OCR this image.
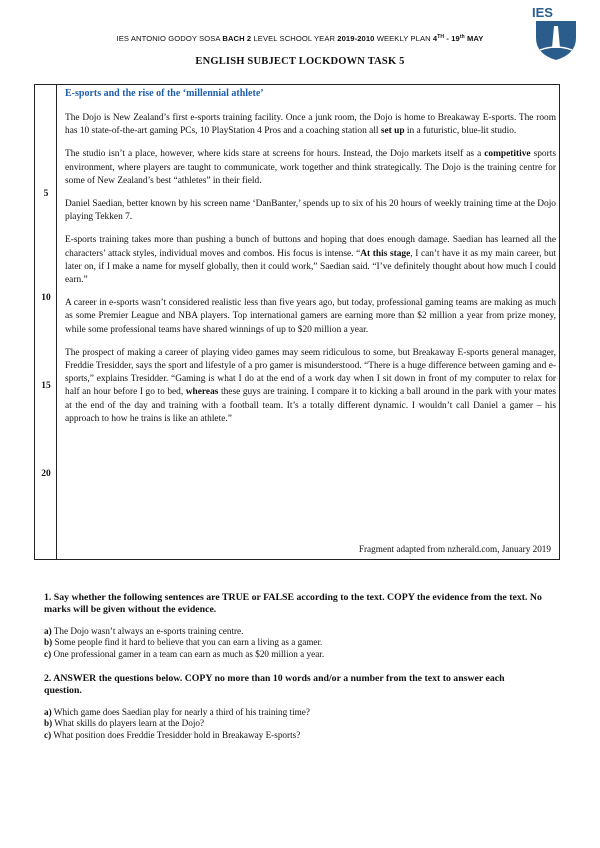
IES
IES ANTONIO GODOY SOSA BACH 2 LEVEL SCHOOL YEAR 2019-2010 WEEKLY PLAN 4TH - 19th MAY
ENGLISH SUBJECT LOCKDOWN TASK 5
5
10
15
20
E-sports and the rise of the ‘millennial athlete’

The Dojo is New Zealand’s first e-sports training facility. Once a junk room, the Dojo is home to Breakaway E-sports. The room has 10 state-of-the-art gaming PCs, 10 PlayStation 4 Pros and a coaching station all set up in a futuristic, blue-lit studio.

The studio isn’t a place, however, where kids stare at screens for hours. Instead, the Dojo markets itself as a competitive sports environment, where players are taught to communicate, work together and think strategically. The Dojo is the training centre for some of New Zealand’s best “athletes” in their field.

Daniel Saedian, better known by his screen name ‘DanBanter,’ spends up to six of his 20 hours of weekly training time at the Dojo playing Tekken 7.

E-sports training takes more than pushing a bunch of buttons and hoping that does enough damage. Saedian has learned all the characters’ attack styles, individual moves and combos. His focus is intense. “At this stage, I can’t have it as my main career, but later on, if I make a name for myself globally, then it could work,” Saedian said. “I’ve definitely thought about how much I could earn.”

A career in e-sports wasn’t considered realistic less than five years ago, but today, professional gaming teams are making as much as some Premier League and NBA players. Top international gamers are earning more than $2 million a year from prize money, while some professional teams have shared winnings of up to $20 million a year.

The prospect of making a career of playing video games may seem ridiculous to some, but Breakaway E-sports general manager, Freddie Tresidder, says the sport and lifestyle of a pro gamer is misunderstood. “There is a huge difference between gaming and e-sports,” explains Tresidder. “Gaming is what I do at the end of a work day when I sit down in front of my computer to relax for half an hour before I go to bed, whereas these guys are training. I compare it to kicking a ball around in the park with your mates at the end of the day and training with a football team. It’s a totally different dynamic. I wouldn’t call Daniel a gamer – his approach to how he trains is like an athlete.”

Fragment adapted from nzherald.com, January 2019

1. Say whether the following sentences are TRUE or FALSE according to the text. COPY the evidence from the text. No marks will be given without the evidence.

a) The Dojo wasn’t always an e-sports training centre.

b) Some people find it hard to believe that you can earn a living as a gamer.

c) One professional gamer in a team can earn as much as $20 million a year.

2. ANSWER the questions below. COPY no more than 10 words and/or a number from the text to answer each question.

a) Which game does Saedian play for nearly a third of his training time?

b) What skills do players learn at the Dojo?

c) What position does Freddie Tresidder hold in Breakaway E-sports?
